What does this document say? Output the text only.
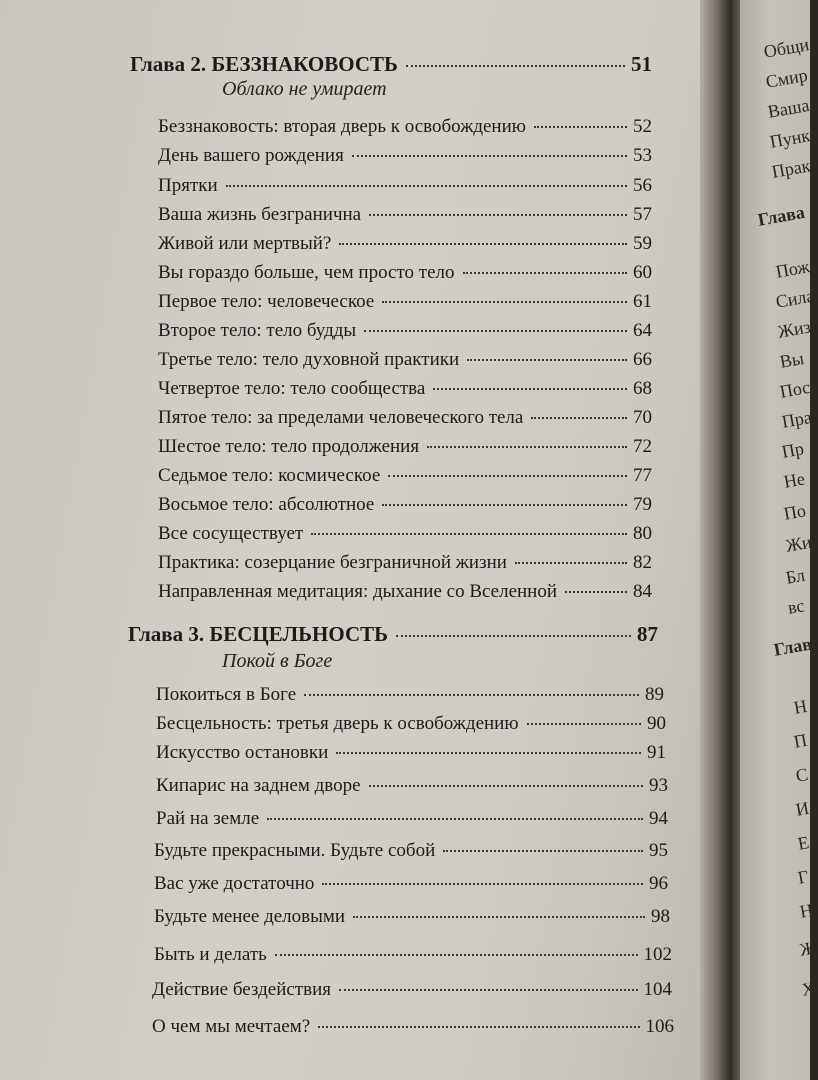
Глава 2. БЕЗЗНАКОВОСТЬ	51
Облако не умирает
Беззнаковость: вторая дверь к освобождению	52
День вашего рождения	53
Прятки	56
Ваша жизнь безгранична	57
Живой или мертвый?	59
Вы гораздо больше, чем просто тело	60
Первое тело: человеческое	61
Второе тело: тело будды	64
Третье тело: тело духовной практики	66
Четвертое тело: тело сообщества	68
Пятое тело: за пределами человеческого тела	70
Шестое тело: тело продолжения	72
Седьмое тело: космическое	77
Восьмое тело: абсолютное	79
Все сосуществует	80
Практика: созерцание безграничной жизни	82
Направленная медитация: дыхание со Вселенной	84
Глава 3. БЕСЦЕЛЬНОСТЬ	87
Покой в Боге
Покоиться в Боге	89
Бесцельность: третья дверь к освобождению	90
Искусство остановки	91
Кипарис на заднем дворе	93
Рай на земле	94
Будьте прекрасными. Будьте собой	95
Вас уже достаточно	96
Будьте менее деловыми	98
Быть и делать	102
Действие бездействия	104
О чем мы мечтаем?	106
Общи
Смир
Ваша
Пунк
Прак
Глава
Пож
Сила
Жиз
Вы
Пос
Пра
Пр
Не
По
Жи
Бл
вс
Глав
Н
П
С
И
Е
Г
Н
Ж
Х
